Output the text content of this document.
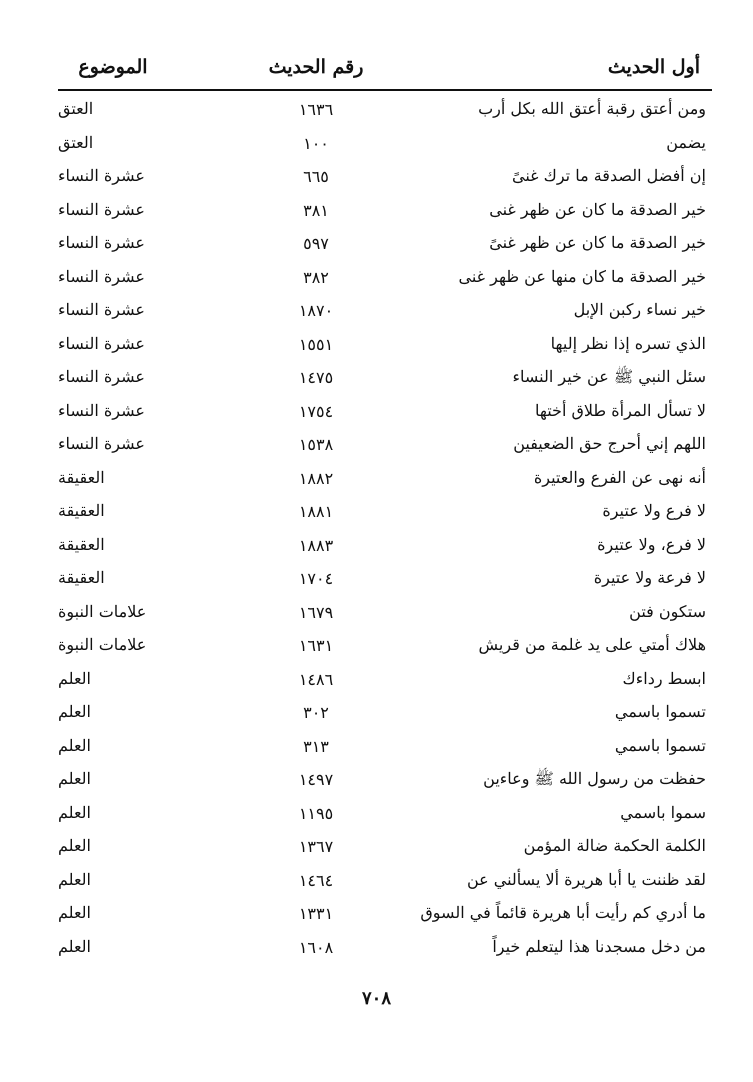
أول الحديث
رقم الحديث
الموضوع
ومن أعتق رقبة أعتق الله بكل أرب
١٦٣٦
العتق
يضمن
١٠٠
العتق
إن أفضل الصدقة ما ترك غنىً
٦٦٥
عشرة النساء
خير الصدقة ما كان عن ظهر غنى
٣٨١
عشرة النساء
خير الصدقة ما كان عن ظهر غنىً
٥٩٧
عشرة النساء
خير الصدقة ما كان منها عن ظهر غنى
٣٨٢
عشرة النساء
خير نساء ركبن الإبل
١٨٧٠
عشرة النساء
الذي تسره إذا نظر إليها
١٥٥١
عشرة النساء
سئل النبي ﷺ عن خير النساء
١٤٧٥
عشرة النساء
لا تسأل المرأة طلاق أختها
١٧٥٤
عشرة النساء
اللهم إني أحرج حق الضعيفين
١٥٣٨
عشرة النساء
أنه نهى عن الفرع والعتيرة
١٨٨٢
العقيقة
لا فرع ولا عتيرة
١٨٨١
العقيقة
لا فرع، ولا عتيرة
١٨٨٣
العقيقة
لا فرعة ولا عتيرة
١٧٠٤
العقيقة
ستكون فتن
١٦٧٩
علامات النبوة
هلاك أمتي على يد غلمة من قريش
١٦٣١
علامات النبوة
ابسط رداءك
١٤٨٦
العلم
تسموا باسمي
٣٠٢
العلم
تسموا باسمي
٣١٣
العلم
حفظت من رسول الله ﷺ وعاءين
١٤٩٧
العلم
سموا باسمي
١١٩٥
العلم
الكلمة الحكمة ضالة المؤمن
١٣٦٧
العلم
لقد ظننت يا أبا هريرة ألا يسألني عن
١٤٦٤
العلم
ما أدري كم رأيت أبا هريرة قائماً في السوق
١٣٣١
العلم
من دخل مسجدنا هذا ليتعلم خيراً
١٦٠٨
العلم
٧٠٨
